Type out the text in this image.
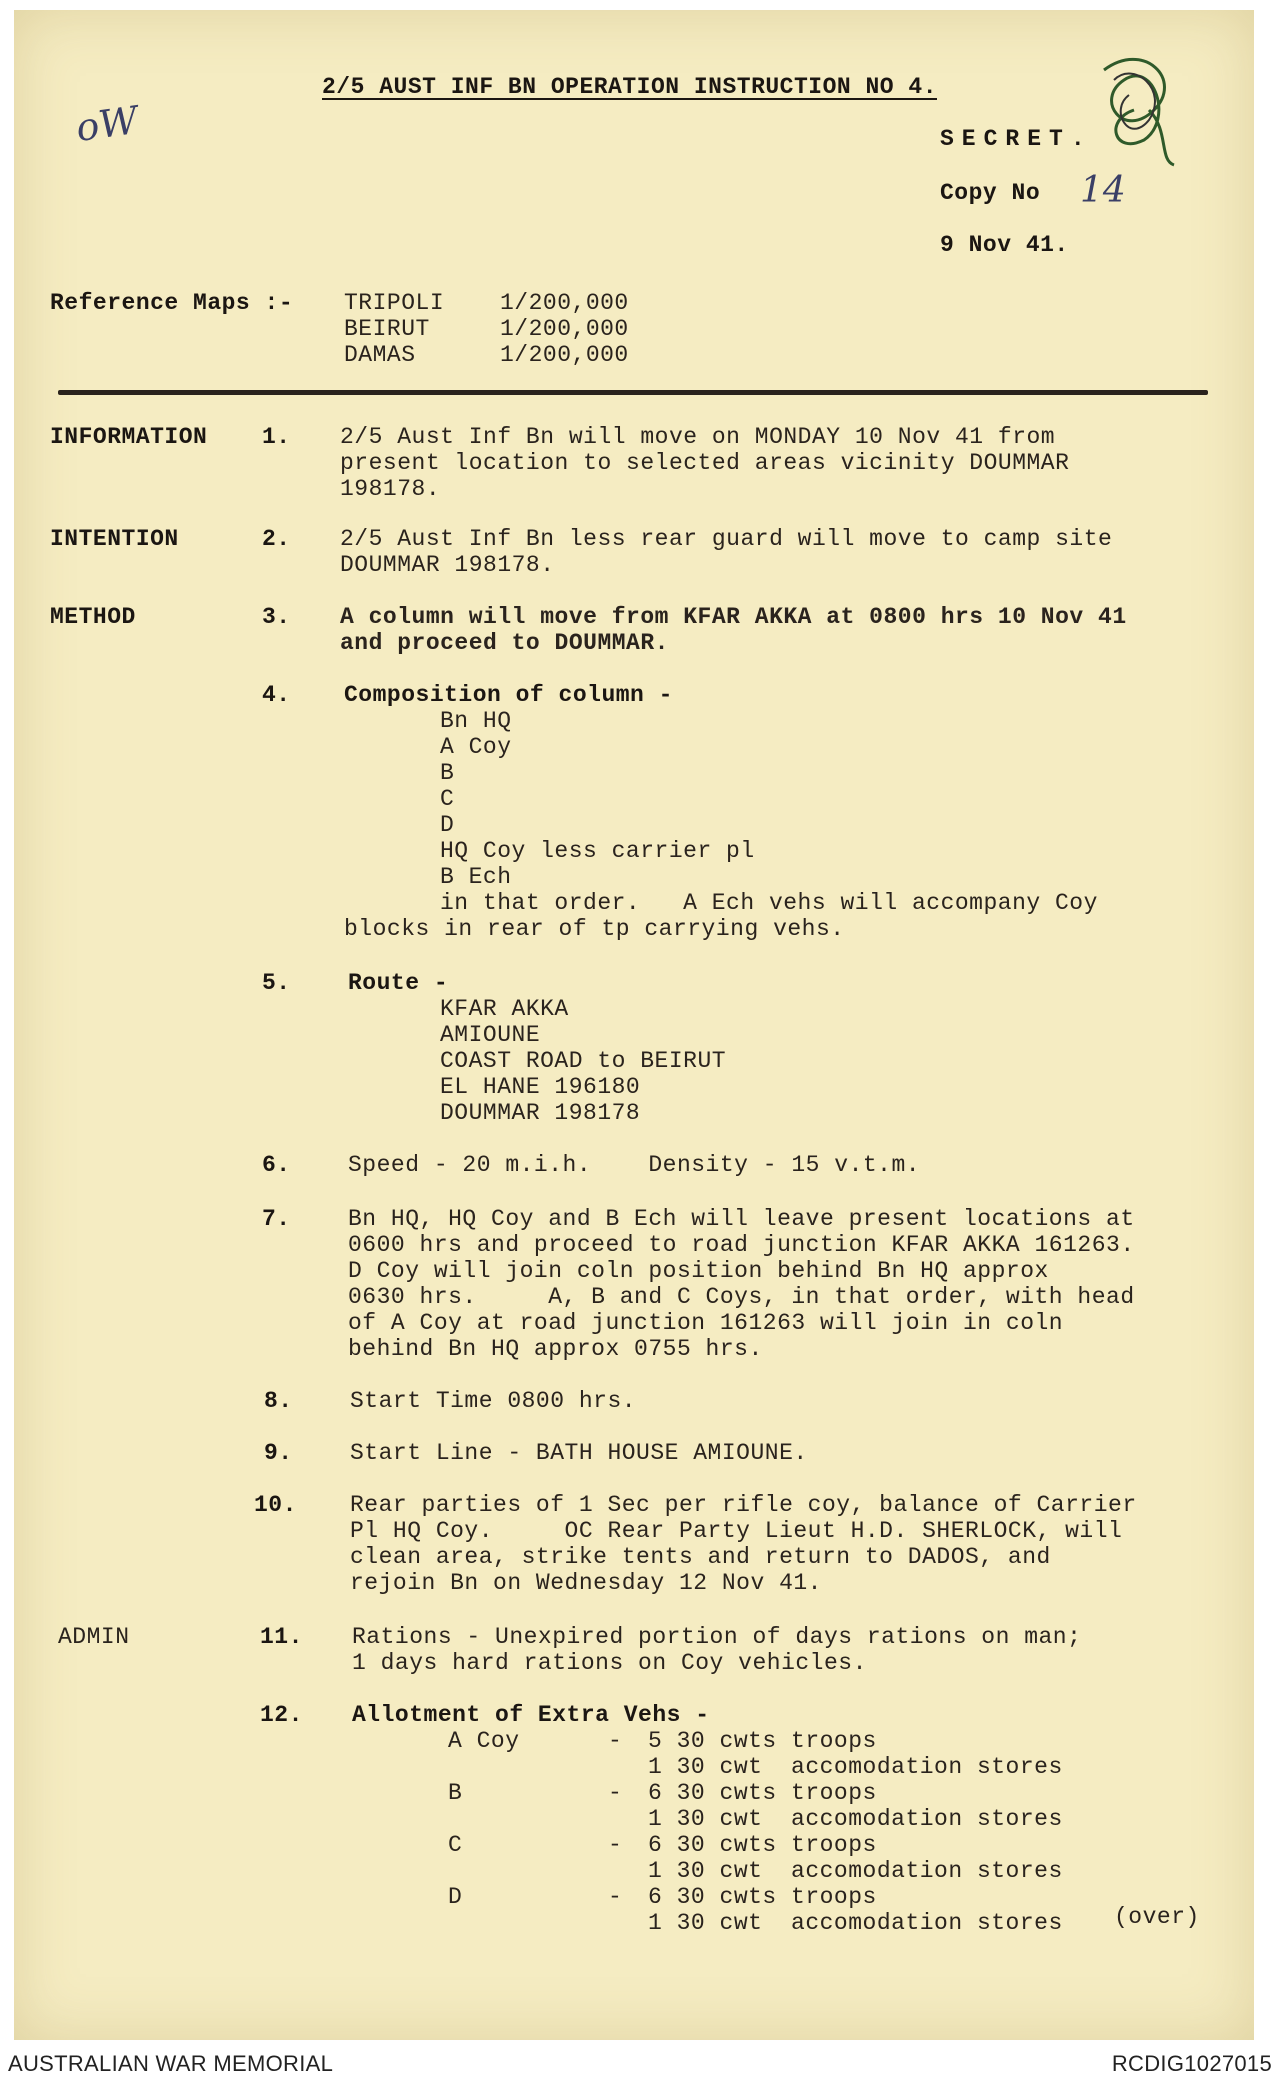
oW
2/5 AUST INF BN OPERATION INSTRUCTION NO 4.
SECRET.
Copy No 14
9 Nov 41.
Reference Maps :- TRIPOLI	1/200,000
BEIRUT	1/200,000
DAMAS	1/200,000
INFORMATION 1. 2/5 Aust Inf Bn will move on MONDAY 10 Nov 41 from
present location to selected areas vicinity DOUMMAR
198178.
INTENTION	2. 2/5 Aust Inf Bn less rear guard will move to camp site
DOUMMAR 198178.
METHOD	3. A column will move from KFAR AKKA at 0800 hrs 10 Nov 41
and proceed to DOUMMAR.
4. Composition of column -
Bn HQ
A Coy
B
C
D
HQ Coy less carrier pl
B Ech
in that order.   A Ech vehs will accompany Coy
blocks in rear of tp carrying vehs.
5. Route -
KFAR AKKA
AMIOUNE
COAST ROAD to BEIRUT
EL HANE 196180
DOUMMAR 198178
6. Speed - 20 m.i.h.    Density - 15 v.t.m.
7. Bn HQ, HQ Coy and B Ech will leave present locations at
0600 hrs and proceed to road junction KFAR AKKA 161263.
D Coy will join coln position behind Bn HQ approx
0630 hrs.     A, B and C Coys, in that order, with head
of A Coy at road junction 161263 will join in coln
behind Bn HQ approx 0755 hrs.
8. Start Time 0800 hrs.
9. Start Line - BATH HOUSE AMIOUNE.
10. Rear parties of 1 Sec per rifle coy, balance of Carrier
Pl HQ Coy.     OC Rear Party Lieut H.D. SHERLOCK, will
clean area, strike tents and return to DADOS, and
rejoin Bn on Wednesday 12 Nov 41.
ADMIN	11. Rations - Unexpired portion of days rations on man;
1 days hard rations on Coy vehicles.
12. Allotment of Extra Vehs -
A Coy	-	5 30 cwts troops
1 30 cwt  accomodation stores
B	-	6 30 cwts troops
1 30 cwt  accomodation stores
C	-	6 30 cwts troops
1 30 cwt  accomodation stores
D	-	6 30 cwts troops
1 30 cwt  accomodation stores (over)
AUSTRALIAN WAR MEMORIAL	RCDIG1027015
